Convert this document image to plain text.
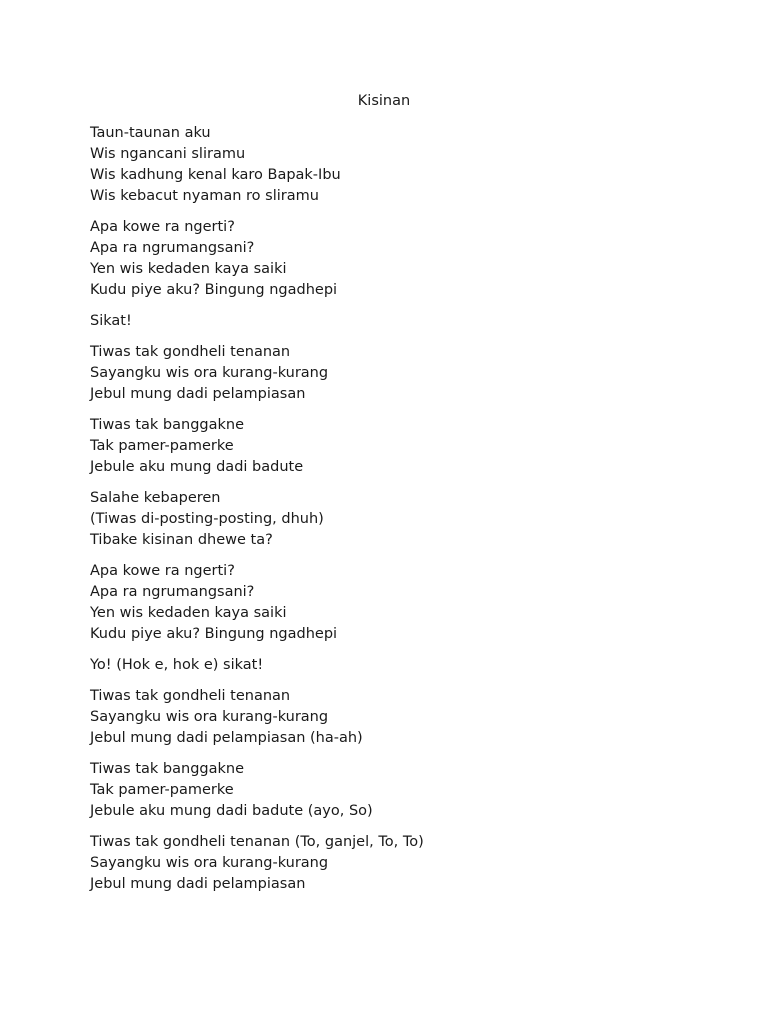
Kisinan
Taun-taunan aku
Wis ngancani sliramu
Wis kadhung kenal karo Bapak-Ibu
Wis kebacut nyaman ro sliramu
Apa kowe ra ngerti?
Apa ra ngrumangsani?
Yen wis kedaden kaya saiki
Kudu piye aku? Bingung ngadhepi
Sikat!
Tiwas tak gondheli tenanan
Sayangku wis ora kurang-kurang
Jebul mung dadi pelampiasan
Tiwas tak banggakne
Tak pamer-pamerke
Jebule aku mung dadi badute
Salahe kebaperen
(Tiwas di-posting-posting, dhuh)
Tibake kisinan dhewe ta?
Apa kowe ra ngerti?
Apa ra ngrumangsani?
Yen wis kedaden kaya saiki
Kudu piye aku? Bingung ngadhepi
Yo! (Hok e, hok e) sikat!
Tiwas tak gondheli tenanan
Sayangku wis ora kurang-kurang
Jebul mung dadi pelampiasan (ha-ah)
Tiwas tak banggakne
Tak pamer-pamerke
Jebule aku mung dadi badute (ayo, So)
Tiwas tak gondheli tenanan (To, ganjel, To, To)
Sayangku wis ora kurang-kurang
Jebul mung dadi pelampiasan
